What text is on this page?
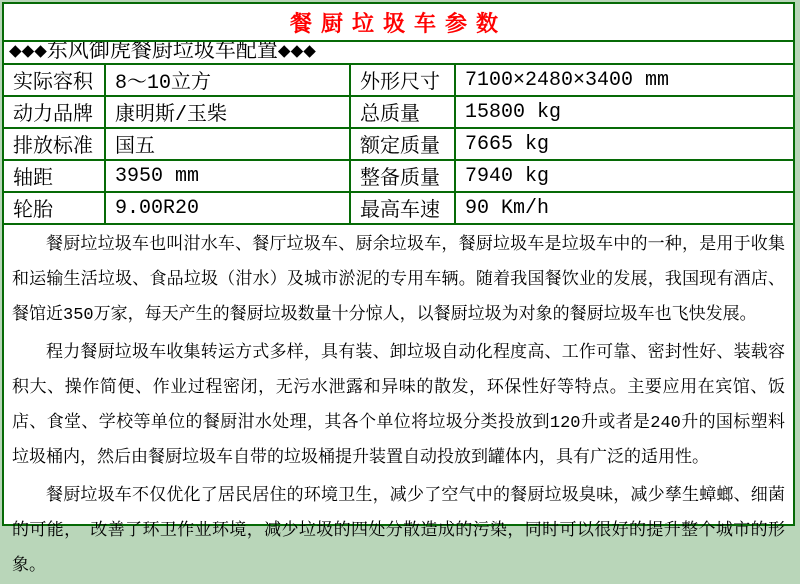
餐厨垃圾车参数
◆◆◆东风御虎餐厨垃圾车配置◆◆◆
实际容积	8～10立方	外形尺寸	7100×2480×3400 mm
动力品牌	康明斯/玉柴	总质量	15800 kg
排放标准	国五	额定质量	7665 kg
轴距	3950 mm	整备质量	7940 kg
轮胎	9.00R20	最高车速	90 Km/h

餐厨垃垃圾车也叫泔水车、餐厅垃圾车、厨余垃圾车，餐厨垃圾车是垃圾车中的一种，是用于收集和运输生活垃圾、食品垃圾（泔水）及城市淤泥的专用车辆。随着我国餐饮业的发展，我国现有酒店、餐馆近350万家，每天产生的餐厨垃圾数量十分惊人，以餐厨垃圾为对象的餐厨垃圾车也飞快发展。

程力餐厨垃圾车收集转运方式多样，具有装、卸垃圾自动化程度高、工作可靠、密封性好、装载容积大、操作简便、作业过程密闭，无污水泄露和异味的散发，环保性好等特点。主要应用在宾馆、饭店、食堂、学校等单位的餐厨泔水处理，其各个单位将垃圾分类投放到120升或者是240升的国标塑料垃圾桶内，然后由餐厨垃圾车自带的垃圾桶提升装置自动投放到罐体内，具有广泛的适用性。

餐厨垃圾车不仅优化了居民居住的环境卫生，减少了空气中的餐厨垃圾臭味，减少孳生蟑螂、细菌的可能，　改善了环卫作业环境，减少垃圾的四处分散造成的污染，同时可以很好的提升整个城市的形象。
